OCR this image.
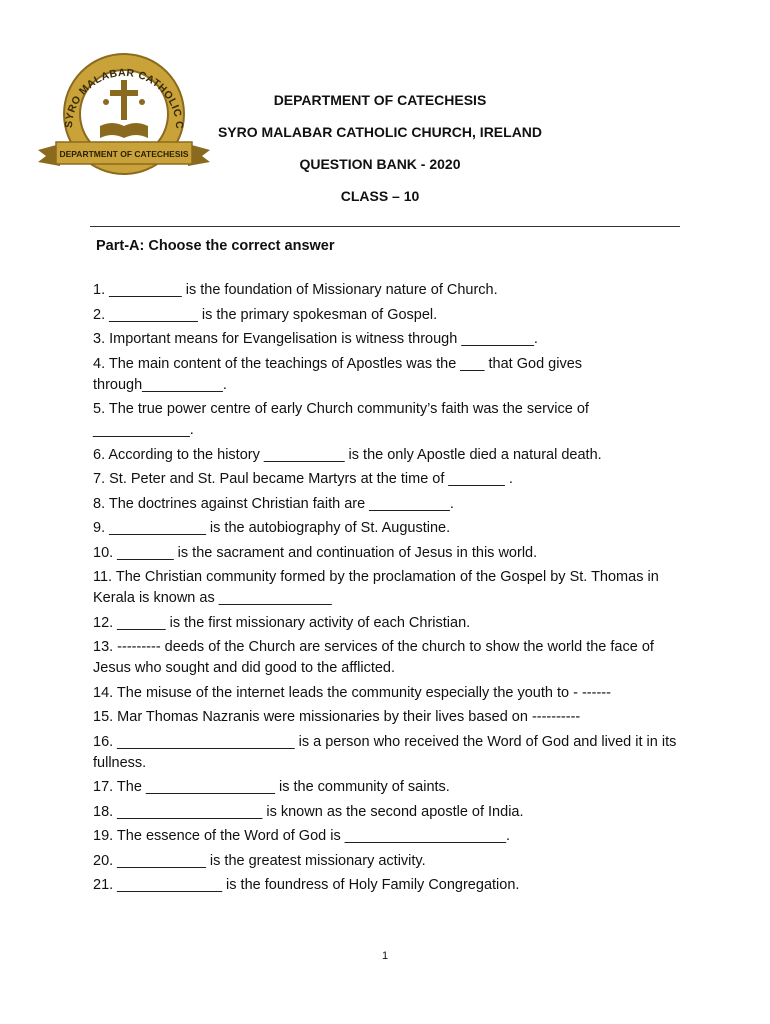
SYRO MALABAR CATHOLIC C
DEPARTMENT OF CATECHESIS
DEPARTMENT OF CATECHESIS
SYRO MALABAR CATHOLIC CHURCH, IRELAND
QUESTION BANK - 2020
CLASS – 10
Part-A: Choose the correct answer
1. _________ is the foundation of Missionary nature of Church.
2. ___________ is the primary spokesman of Gospel.
3. Important means for Evangelisation is witness through _________.
4. The main content of the teachings of Apostles was the ___ that God gives through__________.
5. The true power centre of early Church community’s faith was the service of ____________.
6. According to the history __________ is the only Apostle died a natural death.
7. St. Peter and St. Paul became Martyrs at the time of _______ .
8. The doctrines against Christian faith are __________.
9. ____________ is the autobiography of St. Augustine.
10. _______ is the sacrament and continuation of Jesus in this world.
11. The Christian community formed by the proclamation of the Gospel by St. Thomas in Kerala is known as ______________
12. ______ is the first missionary activity of each Christian.
13. --------- deeds of the Church are services of the church to show the world the face of Jesus who sought and did good to the afflicted.
14. The misuse of the internet leads the community especially the youth to - ------
15. Mar Thomas Nazranis were missionaries by their lives based on ----------
16. ______________________ is a person who received the Word of God and lived it in its fullness.
17. The ________________ is the community of saints.
18. __________________ is known as the second apostle of India.
19. The essence of the Word of God is ____________________.
20. ___________ is the greatest missionary activity.
21. _____________ is the foundress of Holy Family Congregation.
1
